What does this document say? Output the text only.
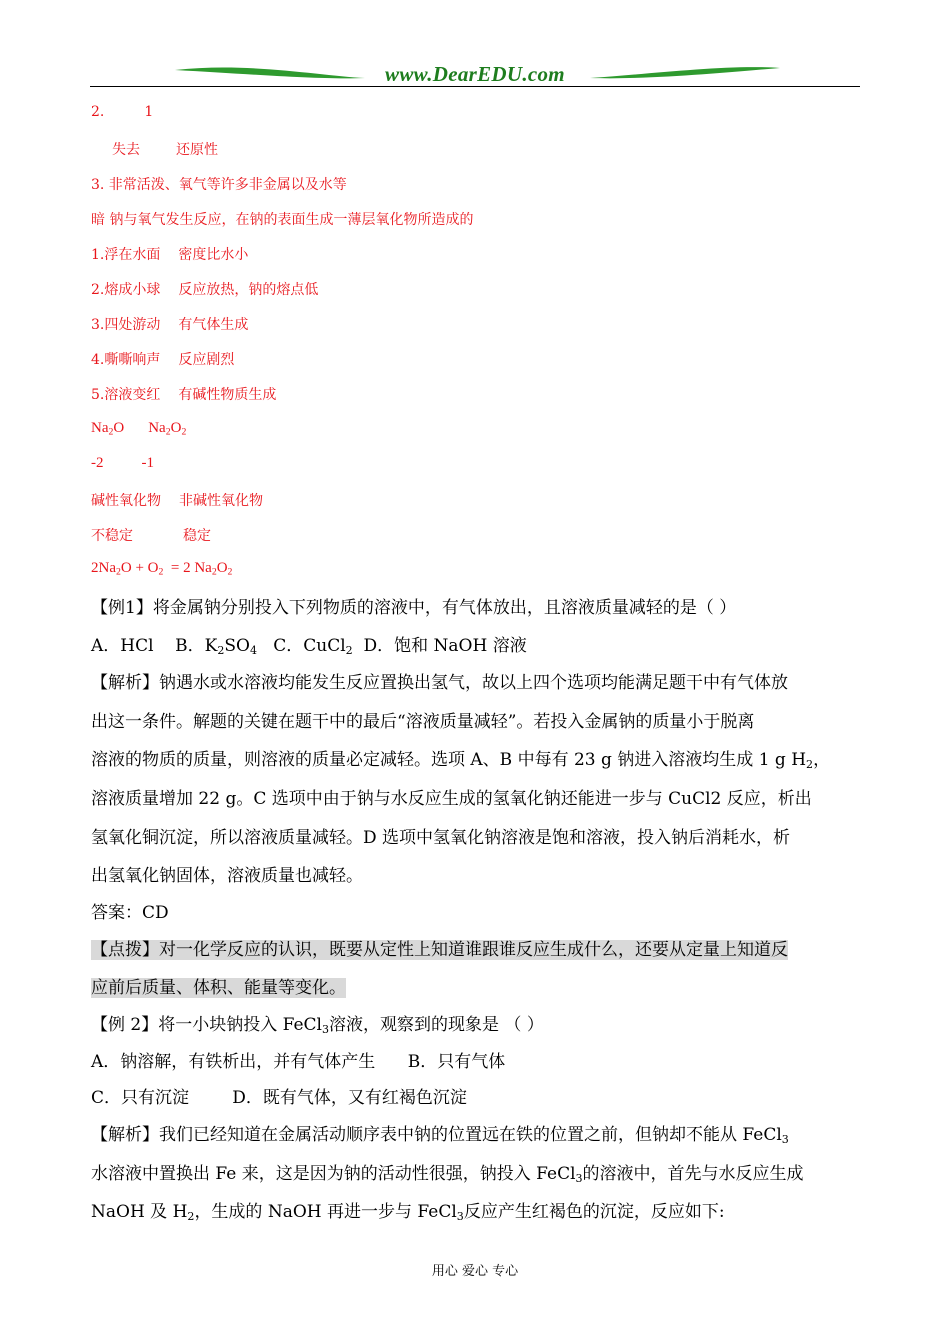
www.DearEDU.com
2.	1
失去	还原性
3. 非常活泼、氧气等许多非金属以及水等
暗 钠与氧气发生反应，在钠的表面生成一薄层氧化物所造成的
1.浮在水面 密度比水小
2.熔成小球 反应放热，钠的熔点低
3.四处游动 有气体生成
4.嘶嘶响声 反应剧烈
5.溶液变红 有碱性物质生成
$Na_2O$ $Na_2O_2$
-2	-1
碱性氧化物 非碱性氧化物
不稳定	稳定
$2Na_2O + O_2 = 2$ $Na_2O_2$
【例1】将金属钠分别投入下列物质的溶液中，有气体放出，且溶液质量减轻的是（ ）
A．HCl    B．$K_2SO_4$   C．CuCl$_2$  D．饱和 NaOH 溶液
【解析】钠遇水或水溶液均能发生反应置换出氢气，故以上四个选项均能满足题干中有气体放
出这一条件。解题的关键在题干中的最后“溶液质量减轻”。若投入金属钠的质量小于脱离
溶液的物质的质量，则溶液的质量必定减轻。选项 A、B 中每有 23 g 钠进入溶液均生成 1 g $H_2$，
溶液质量增加 22 g。C 选项中由于钠与水反应生成的氢氧化钠还能进一步与 CuCl2 反应，析出
氢氧化铜沉淀，所以溶液质量减轻。D 选项中氢氧化钠溶液是饱和溶液，投入钠后消耗水，析
出氢氧化钠固体，溶液质量也减轻。
答案：CD
【点拨】对一化学反应的认识，既要从定性上知道谁跟谁反应生成什么，还要从定量上知道反
应前后质量、体积、能量等变化。
【例 2】将一小块钠投入 FeCl$_3$溶液，观察到的现象是 （ ）
A．钠溶解，有铁析出，并有气体产生      B．只有气体
C．只有沉淀        D．既有气体，又有红褐色沉淀
【解析】我们已经知道在金属活动顺序表中钠的位置远在铁的位置之前，但钠却不能从 FeCl$_3$
水溶液中置换出 Fe 来，这是因为钠的活动性很强，钠投入 FeCl$_3$的溶液中，首先与水反应生成
NaOH 及 $H_2$，生成的 NaOH 再进一步与 FeCl$_3$反应产生红褐色的沉淀，反应如下:
用心 爱心 专心
